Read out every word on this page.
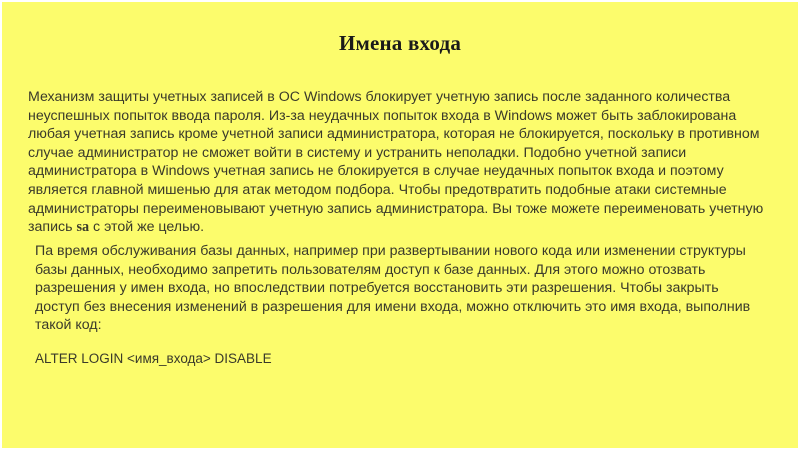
Имена входа
Механизм защиты учетных записей в ОС Windows блокирует учетную запись после заданного количества неуспешных попыток ввода пароля. Из-за неудачных попыток входа в Windows может быть заблокирована любая учетная запись кроме учетной записи администратора, которая не блокируется, поскольку в противном случае администратор не сможет войти в систему и устранить неполадки. Подобно учетной записи администратора в Windows учетная запись не блокируется в случае неудачных попыток входа и поэтому является главной мишенью для атак методом подбора. Чтобы предотвратить подобные атаки системные администраторы переименовывают учетную запись администратора. Вы тоже можете переименовать учетную запись sa с этой же целью.
Па время обслуживания базы данных, например при развертывании нового кода или изменении структуры базы данных, необходимо запретить пользователям доступ к базе данных. Для этого можно отозвать разрешения у имен входа, но впоследствии потребуется восстановить эти разрешения. Чтобы закрыть доступ без внесения изменений в разрешения для имени входа, можно отключить это имя входа, выполнив такой код:
ALTER LOGIN <имя_входа> DISABLE
